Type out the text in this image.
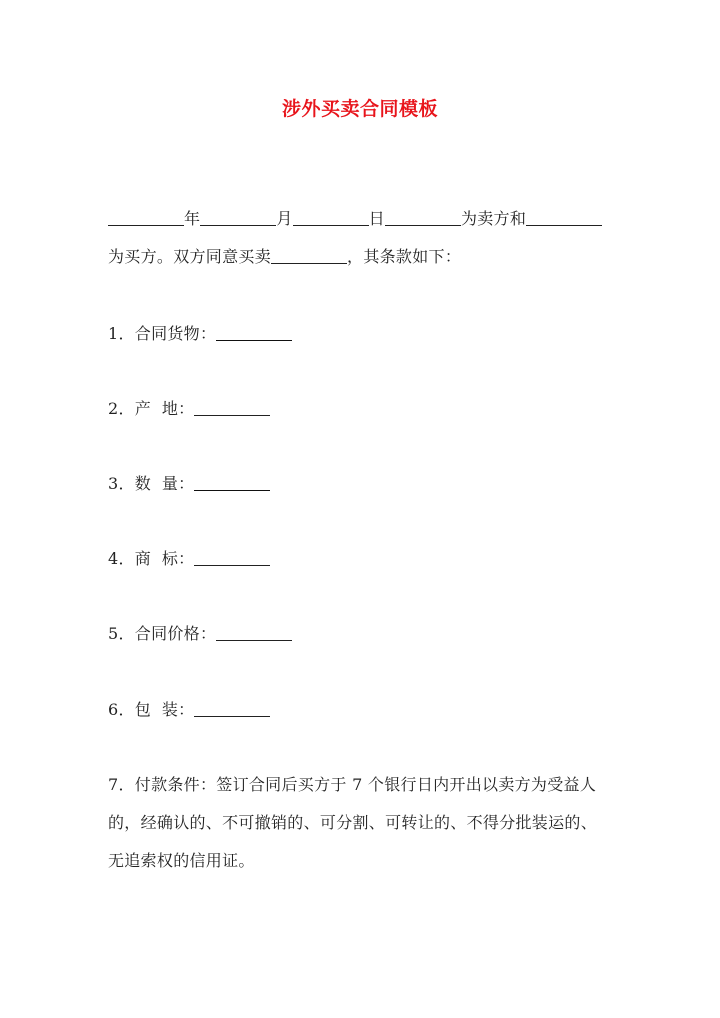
涉外买卖合同模板
年	月	日	为卖方和
为买方。双方同意买卖	，其条款如下：
1．合同货物：
2．产  地：
3．数  量：
4．商  标：
5．合同价格：
6．包  装：
7．付款条件：签订合同后买方于 7 个银行日内开出以卖方为受益人
的，经确认的、不可撤销的、可分割、可转让的、不得分批装运的、
无追索权的信用证。
